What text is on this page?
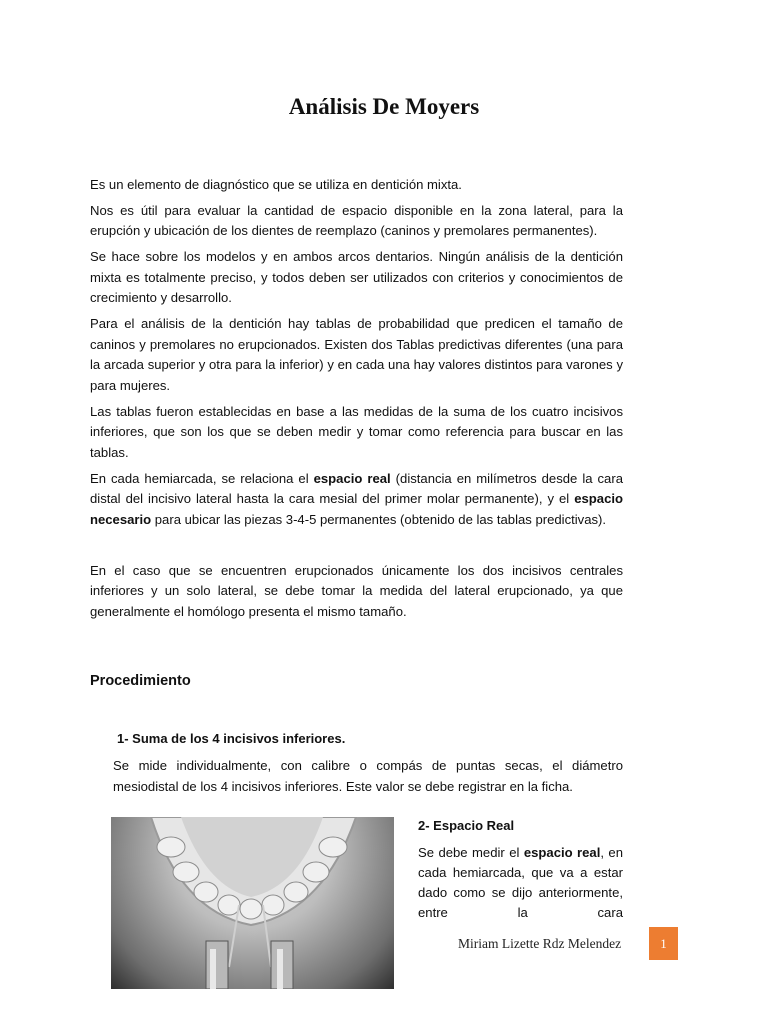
Análisis De Moyers

Es un elemento de diagnóstico que se utiliza en dentición mixta.

Nos es útil para evaluar la cantidad de espacio disponible en la zona lateral, para la erupción y ubicación de los dientes de reemplazo (caninos y premolares permanentes).

Se hace sobre los modelos y en ambos arcos dentarios. Ningún análisis de la dentición mixta es totalmente preciso, y todos deben ser utilizados con criterios y conocimientos de crecimiento y desarrollo.

Para el análisis de la dentición hay tablas de probabilidad que predicen el tamaño de caninos y premolares no erupcionados. Existen dos Tablas predictivas diferentes (una para la arcada superior y otra para la inferior) y en cada una hay valores distintos para varones y para mujeres.

Las tablas fueron establecidas en base a las medidas de la suma de los cuatro incisivos inferiores, que son los que se deben medir y tomar como referencia para buscar en las tablas.

En cada hemiarcada, se relaciona el espacio real (distancia en milímetros desde la cara distal del incisivo lateral hasta la cara mesial del primer molar permanente), y el espacio necesario para ubicar las piezas 3-4-5 permanentes (obtenido de las tablas predictivas).

En el caso que se encuentren erupcionados únicamente los dos incisivos centrales inferiores y un solo lateral, se debe tomar la medida del lateral erupcionado, ya que generalmente el homólogo presenta el mismo tamaño.

Procedimiento
1- Suma de los 4 incisivos inferiores.
Se mide individualmente, con calibre o compás de puntas secas, el diámetro mesiodistal de los 4 incisivos inferiores. Este valor se debe registrar en la ficha.
2- Espacio Real
Se debe medir el espacio real, en cada hemiarcada, que va a estar dado como se dijo anteriormente, entre la cara
Miriam Lizette Rdz Melendez	1
